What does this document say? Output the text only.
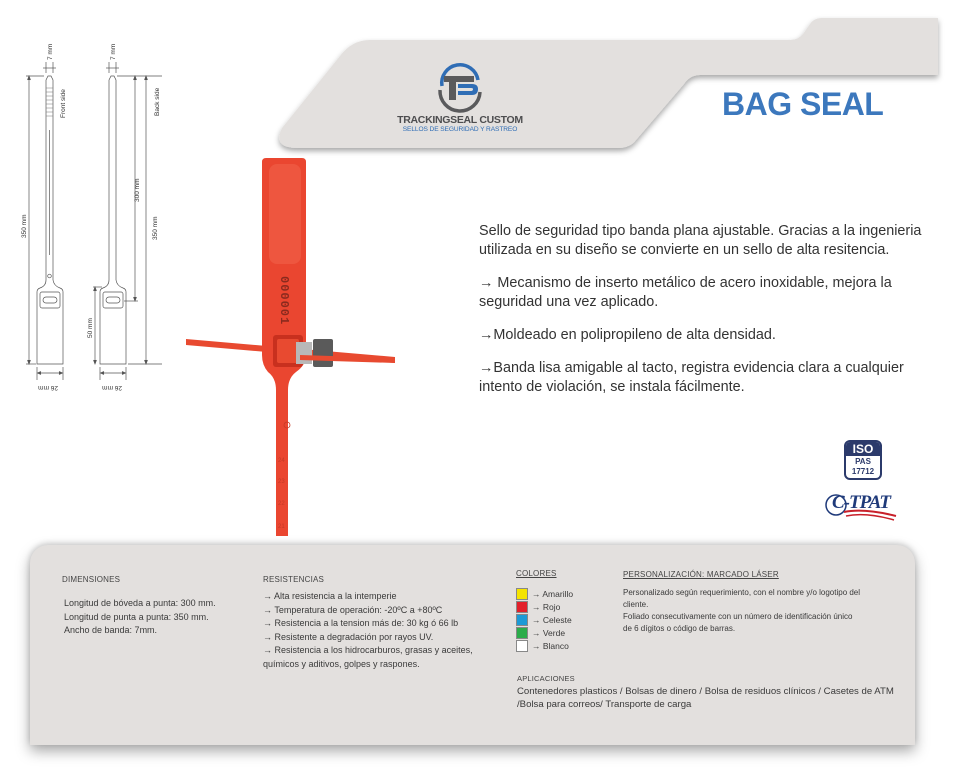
TRACKINGSEAL CUSTOM
SELLOS DE SEGURIDAD Y RASTREO
BAG SEAL
7 mm
Front side
350 mm
26 mm
7 mm
Back side
300 mm
350 mm
50 mm
26 mm
000001
24
23
22
21

Sello de seguridad tipo banda plana ajustable. Gracias a la ingenieria utilizada en su diseño se convierte en un sello de alta resitencia.

→ Mecanismo de inserto metálico de acero inoxidable, mejora la seguridad una vez aplicado.

→Moldeado en polipropileno de alta densidad.

→Banda lisa amigable al tacto, registra evidencia clara a cualquier intento de violación, se instala fácilmente.

ISO
PAS
17712
C-TPAT
DIMENSIONES
Longitud de bóveda a punta: 300 mm.
Longitud de punta a punta: 350 mm.
Ancho de banda: 7mm.
RESISTENCIAS
→ Alta resistencia a la intemperie
→ Temperatura de operación: -20ºC a +80ºC
→ Resistencia a la tension más de: 30 kg ó 66 lb
→ Resistente a degradación por rayos UV.
→ Resistencia a los hidrocarburos, grasas y aceites, químicos y aditivos, golpes y raspones.
COLORES
→ Amarillo
→ Rojo
→ Celeste
→ Verde
→ Blanco
PERSONALIZACIÓN: MARCADO LÁSER
Personalizado según requerimiento, con el nombre y/o logotipo del cliente.
Foliado consecutivamente con un número de identificación único de 6 dígitos o código de barras.
APLICACIONES
Contenedores plasticos / Bolsas de dinero / Bolsa de residuos clínicos / Casetes de ATM /Bolsa para correos/ Transporte de carga
